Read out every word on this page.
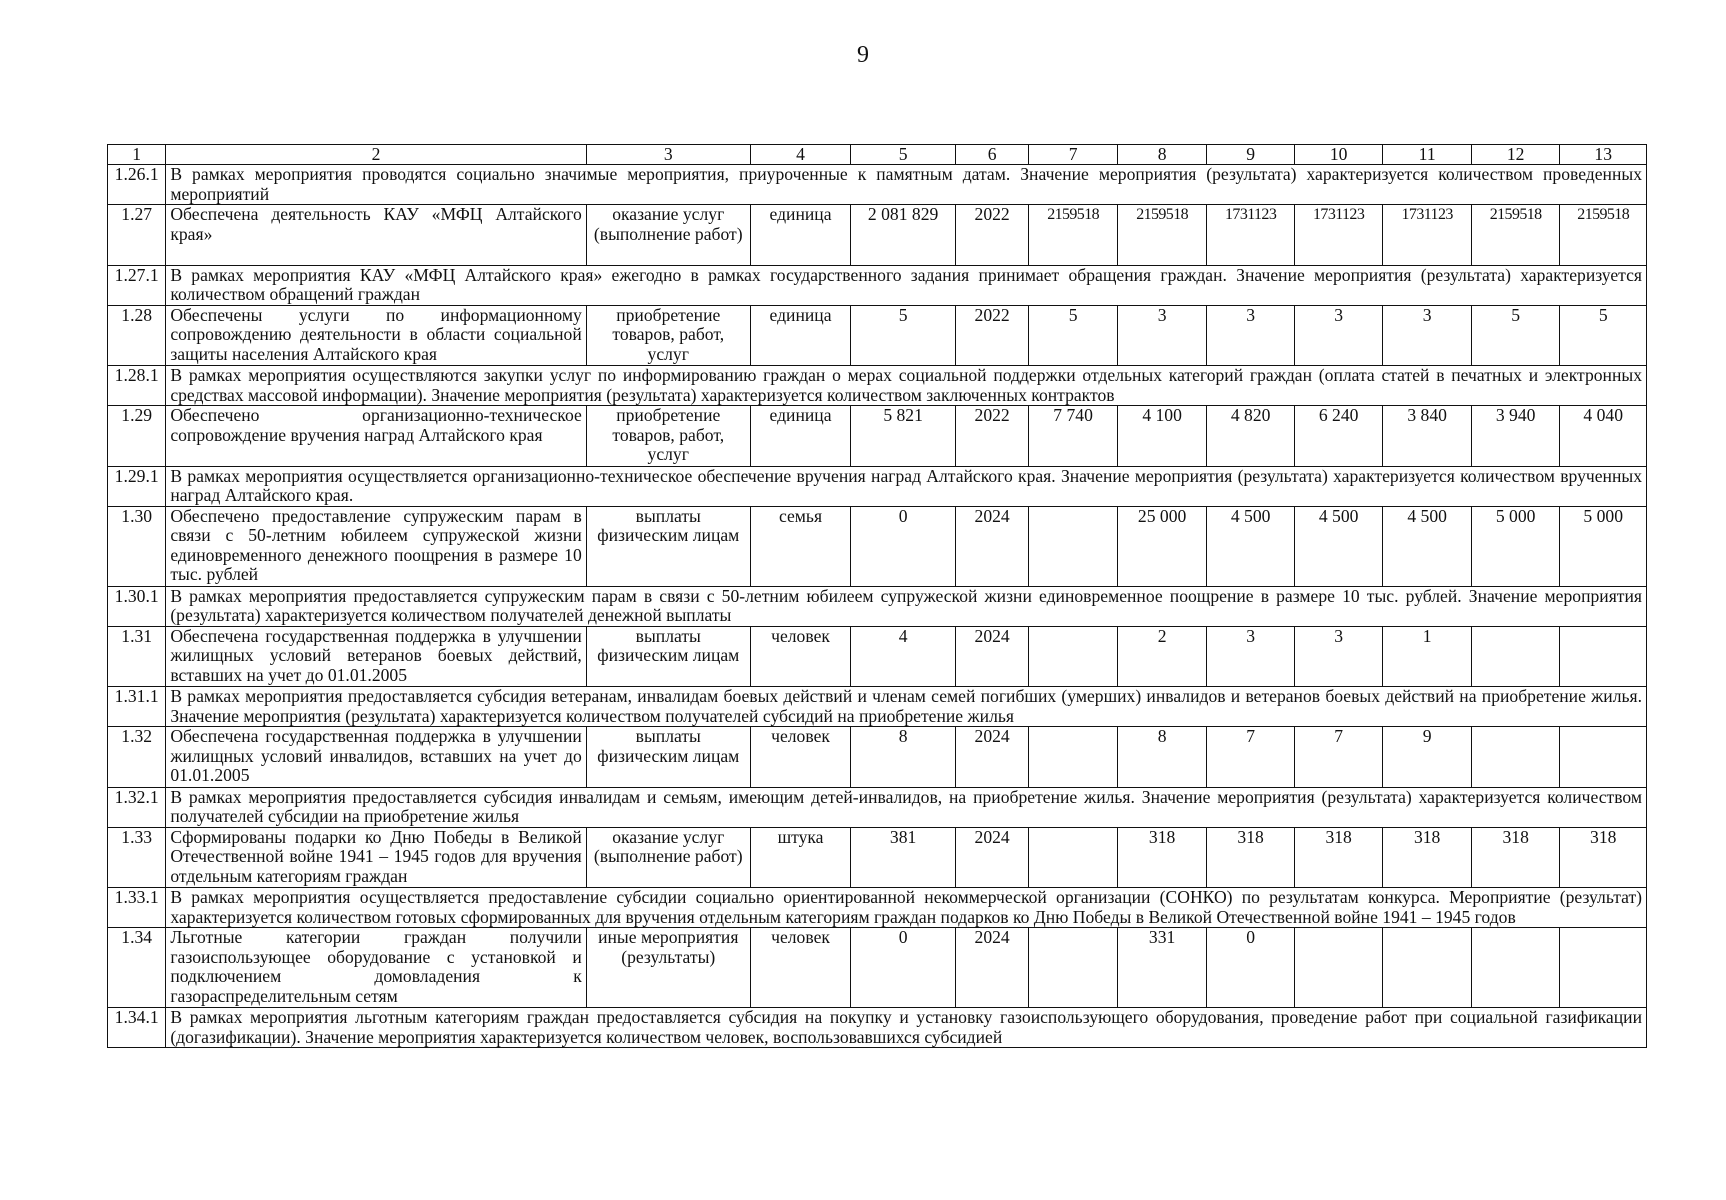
9
1	2	3	4	5	6	7	8	9	10	11	12	13
1.26.1	В рамках мероприятия проводятся социально значимые мероприятия, приуроченные к памятным датам. Значение мероприятия (результата) характеризуется количеством проведенных мероприятий											
1.27	Обеспечена деятельность КАУ «МФЦ Алтайского края»	оказание услуг (выполнение работ)	единица	2 081 829	2022	2159518	2159518	1731123	1731123	1731123	2159518	2159518
1.27.1	В рамках мероприятия КАУ «МФЦ Алтайского края» ежегодно в рамках государственного задания принимает обращения граждан. Значение мероприятия (результата) характеризуется количеством обращений граждан											
1.28	Обеспечены услуги по информационному сопровождению деятельности в области социальной защиты населения Алтайского края	приобретение товаров, работ, услуг	единица	5	2022	5	3	3	3	3	5	5
1.28.1	В рамках мероприятия осуществляются закупки услуг по информированию граждан о мерах социальной поддержки отдельных категорий граждан (оплата статей в печатных и электронных средствах массовой информации). Значение мероприятия (результата) характеризуется количеством заключенных контрактов											
1.29	Обеспечено организационно-техническое сопровождение вручения наград Алтайского края	приобретение товаров, работ, услуг	единица	5 821	2022	7 740	4 100	4 820	6 240	3 840	3 940	4 040
1.29.1	В рамках мероприятия осуществляется организационно-техническое обеспечение вручения наград Алтайского края. Значение мероприятия (результата) характеризуется количеством врученных наград Алтайского края.											
1.30	Обеспечено предоставление супружеским парам в связи с 50-летним юбилеем супружеской жизни единовременного денежного поощрения в размере 10 тыс. рублей	выплаты физическим лицам	семья	0	2024		25 000	4 500	4 500	4 500	5 000	5 000
1.30.1	В рамках мероприятия предоставляется супружеским парам в связи с 50-летним юбилеем супружеской жизни единовременное поощрение в размере 10 тыс. рублей. Значение мероприятия (результата) характеризуется количеством получателей денежной выплаты											
1.31	Обеспечена государственная поддержка в улучшении жилищных условий ветеранов боевых действий, вставших на учет до 01.01.2005	выплаты физическим лицам	человек	4	2024		2	3	3	1		
1.31.1	В рамках мероприятия предоставляется субсидия ветеранам, инвалидам боевых действий и членам семей погибших (умерших) инвалидов и ветеранов боевых действий на приобретение жилья. Значение мероприятия (результата) характеризуется количеством получателей субсидий на приобретение жилья											
1.32	Обеспечена государственная поддержка в улучшении жилищных условий инвалидов, вставших на учет до 01.01.2005	выплаты физическим лицам	человек	8	2024		8	7	7	9		
1.32.1	В рамках мероприятия предоставляется субсидия инвалидам и семьям, имеющим детей-инвалидов, на приобретение жилья. Значение мероприятия (результата) характеризуется количеством получателей субсидии на приобретение жилья											
1.33	Сформированы подарки ко Дню Победы в Великой Отечественной войне 1941 – 1945 годов для вручения отдельным категориям граждан	оказание услуг (выполнение работ)	штука	381	2024		318	318	318	318	318	318
1.33.1	В рамках мероприятия осуществляется предоставление субсидии социально ориентированной некоммерческой организации (СОНКО) по результатам конкурса. Мероприятие (результат) характеризуется количеством готовых сформированных для вручения отдельным категориям граждан подарков ко Дню Победы в Великой Отечественной войне 1941 – 1945 годов											
1.34	Льготные категории граждан получили газоиспользующее оборудование с установкой и подключением домовладения к газораспределительным сетям	иные мероприятия (результаты)	человек	0	2024		331	0				
1.34.1	В рамках мероприятия льготным категориям граждан предоставляется субсидия на покупку и установку газоиспользующего оборудования, проведение работ при социальной газификации (догазификации). Значение мероприятия характеризуется количеством человек, воспользовавшихся субсидией											
